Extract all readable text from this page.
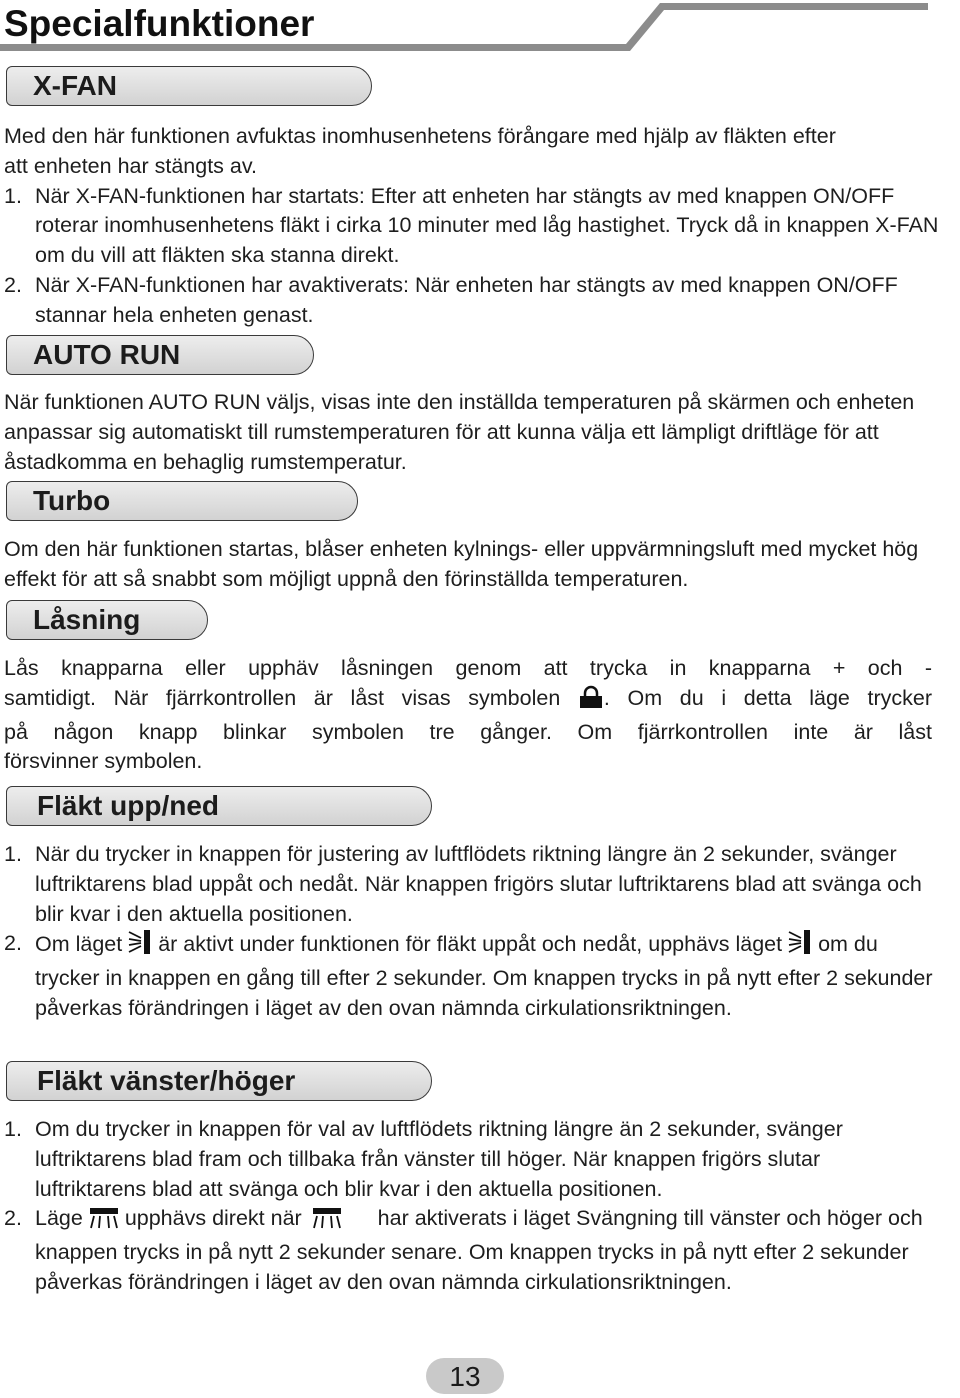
Specialfunktioner
X-FAN

Med den här funktionen avfuktas inomhusenhetens förångare med hjälp av fläkten efter att enheten har stängts av.

1. När X-FAN-funktionen har startats: Efter att enheten har stängts av med knappen ON/OFF roterar inomhusenhetens fläkt i cirka 10 minuter med låg hastighet. Tryck då in knappen X-FAN om du vill att fläkten ska stanna direkt.
2. När X-FAN-funktionen har avaktiverats: När enheten har stängts av med knappen ON/OFF stannar hela enheten genast.
AUTO RUN

När funktionen AUTO RUN väljs, visas inte den inställda temperaturen på skärmen och enheten anpassar sig automatiskt till rumstemperaturen för att kunna välja ett lämpligt driftläge för att åstadkomma en behaglig rumstemperatur.

Turbo

Om den här funktionen startas, blåser enheten kylnings- eller uppvärmningsluft med mycket hög effekt för att så snabbt som möjligt uppnå den förinställda temperaturen.

Låsning

Lås knapparna eller upphäv låsningen genom att trycka in knapparna + och -

samtidigt. När fjärrkontrollen är låst visas symbolen . Om du i detta läge trycker

på någon knapp blinkar symbolen tre gånger. Om fjärrkontrollen inte är låst

försvinner symbolen.

Fläkt upp/ned
1. När du trycker in knappen för justering av luftflödets riktning längre än 2 sekunder, svänger luftriktarens blad uppåt och nedåt. När knappen frigörs slutar luftriktarens blad att svänga och blir kvar i den aktuella positionen.
2. Om läget är aktivt under funktionen för fläkt uppåt och nedåt, upphävs läget om du trycker in knappen en gång till efter 2 sekunder. Om knappen trycks in på nytt efter 2 sekunder påverkas förändringen i läget av den ovan nämnda cirkulationsriktningen.
Fläkt vänster/höger
1. Om du trycker in knappen för val av luftflödets riktning längre än 2 sekunder, svänger luftriktarens blad fram och tillbaka från vänster till höger. När knappen frigörs slutar luftriktarens blad att svänga och blir kvar i den aktuella positionen.
2. Läge upphävs direkt när	har aktiverats i läget Svängning till vänster och höger och knappen trycks in på nytt 2 sekunder senare. Om knappen trycks in på nytt efter 2 sekunder påverkas förändringen i läget av den ovan nämnda cirkulationsriktningen.
13
